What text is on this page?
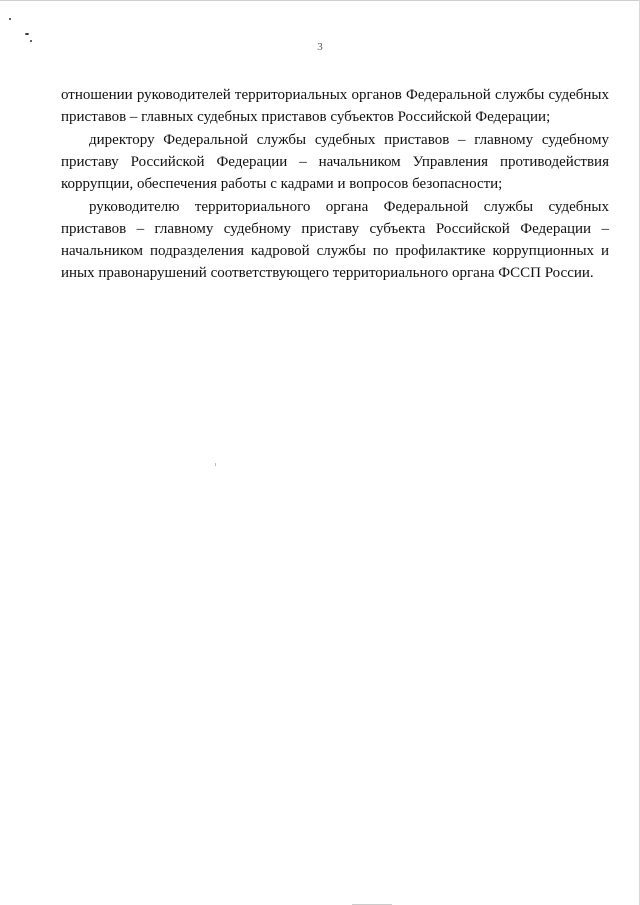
3

отношении руководителей территориальных органов Федеральной службы судебных приставов – главных судебных приставов субъектов Российской Федерации;

директору Федеральной службы судебных приставов – главному судебному приставу Российской Федерации – начальником Управления противодействия коррупции, обеспечения работы с кадрами и вопросов безопасности;

руководителю территориального органа Федеральной службы судебных приставов – главному судебному приставу субъекта Российской Федерации – начальником подразделения кадровой службы по профилактике коррупционных и иных правонарушений соответствующего территориального органа ФССП России.
